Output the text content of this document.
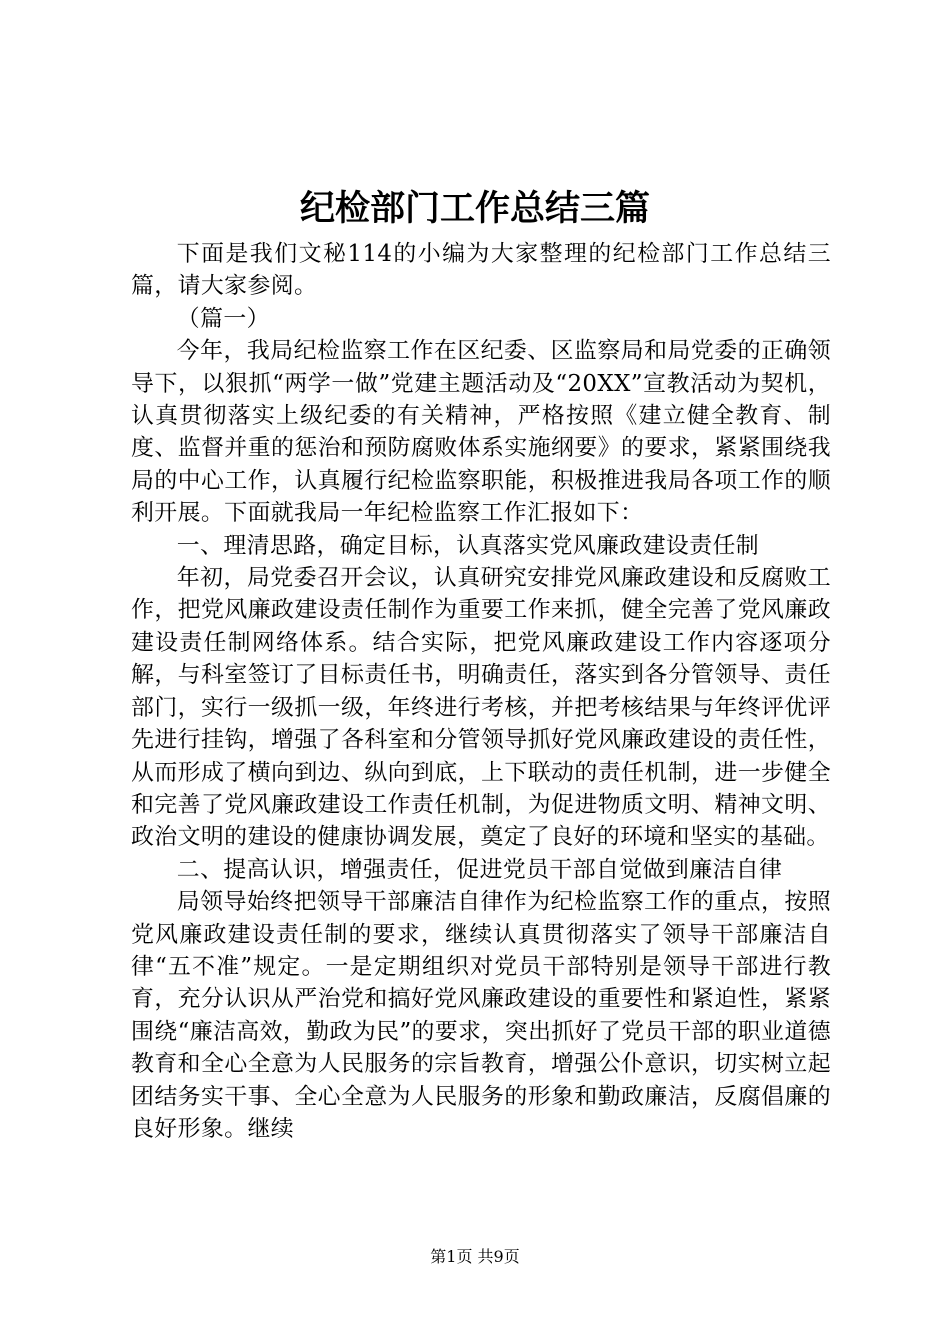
纪检部门工作总结三篇

下面是我们文秘114的小编为大家整理的纪检部门工作总结三篇，请大家参阅。

（篇一）

今年，我局纪检监察工作在区纪委、区监察局和局党委的正确领导下，以狠抓“两学一做”党建主题活动及“20XX”宣教活动为契机，认真贯彻落实上级纪委的有关精神，严格按照《建立健全教育、制度、监督并重的惩治和预防腐败体系实施纲要》的要求，紧紧围绕我局的中心工作，认真履行纪检监察职能，积极推进我局各项工作的顺利开展。下面就我局一年纪检监察工作汇报如下：

一、理清思路，确定目标，认真落实党风廉政建设责任制

年初，局党委召开会议，认真研究安排党风廉政建设和反腐败工作，把党风廉政建设责任制作为重要工作来抓，健全完善了党风廉政建设责任制网络体系。结合实际，把党风廉政建设工作内容逐项分解，与科室签订了目标责任书，明确责任，落实到各分管领导、责任部门，实行一级抓一级，年终进行考核，并把考核结果与年终评优评先进行挂钩，增强了各科室和分管领导抓好党风廉政建设的责任性，从而形成了横向到边、纵向到底，上下联动的责任机制，进一步健全和完善了党风廉政建设工作责任机制，为促进物质文明、精神文明、政治文明的建设的健康协调发展，奠定了良好的环境和坚实的基础。

二、提高认识，增强责任，促进党员干部自觉做到廉洁自律

局领导始终把领导干部廉洁自律作为纪检监察工作的重点，按照党风廉政建设责任制的要求，继续认真贯彻落实了领导干部廉洁自律“五不准”规定。一是定期组织对党员干部特别是领导干部进行教育，充分认识从严治党和搞好党风廉政建设的重要性和紧迫性，紧紧围绕“廉洁高效，勤政为民”的要求，突出抓好了党员干部的职业道德教育和全心全意为人民服务的宗旨教育，增强公仆意识，切实树立起团结务实干事、全心全意为人民服务的形象和勤政廉洁，反腐倡廉的良好形象。继续

第1页 共9页
